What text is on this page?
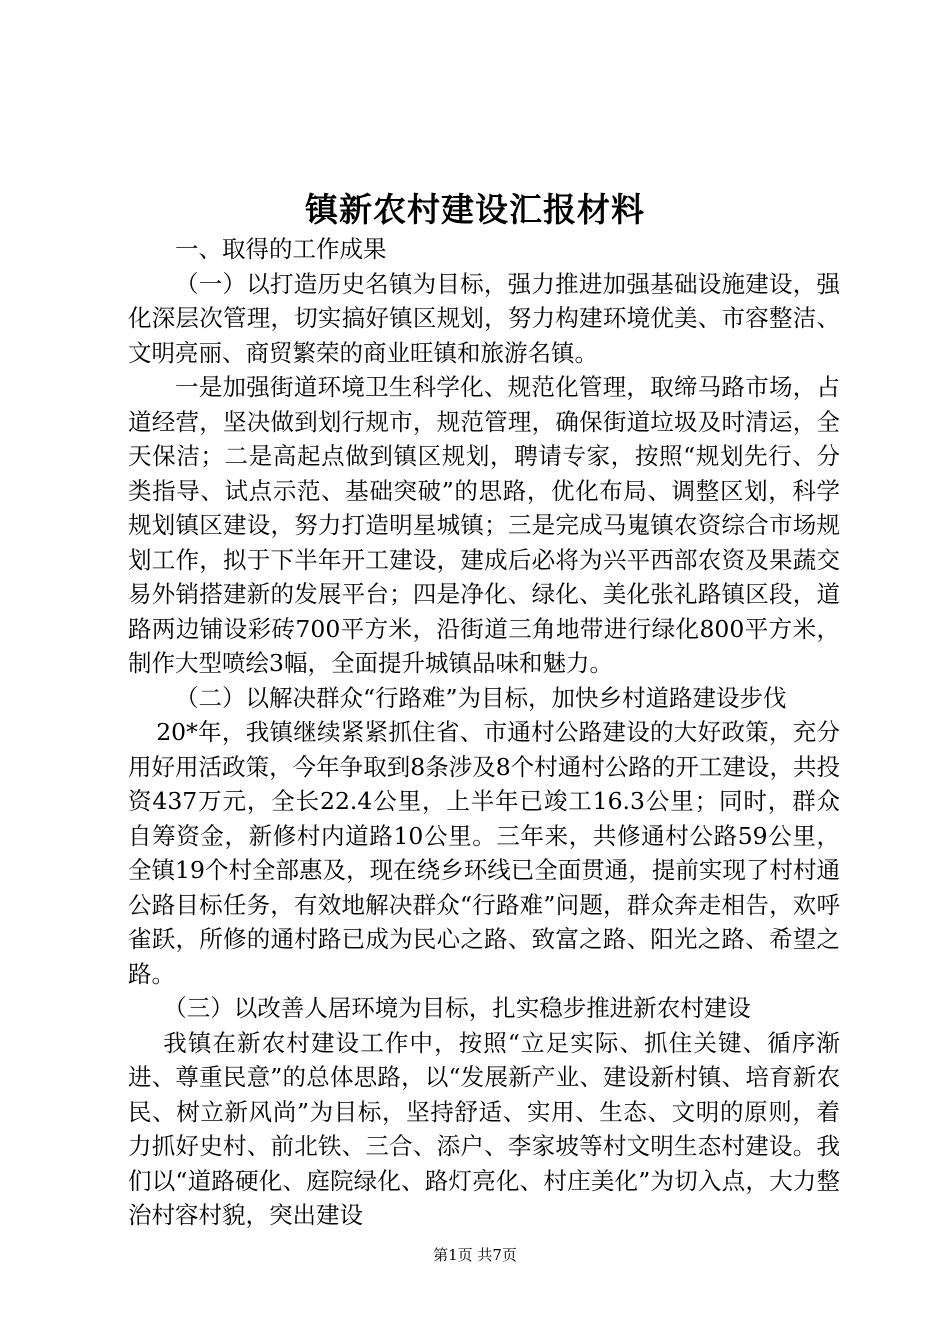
镇新农村建设汇报材料

一、取得的工作成果

（一）以打造历史名镇为目标，强力推进加强基础设施建设，强化深层次管理，切实搞好镇区规划，努力构建环境优美、市容整洁、文明亮丽、商贸繁荣的商业旺镇和旅游名镇。

一是加强街道环境卫生科学化、规范化管理，取缔马路市场，占道经营，坚决做到划行规市，规范管理，确保街道垃圾及时清运，全天保洁；二是高起点做到镇区规划，聘请专家，按照“规划先行、分类指导、试点示范、基础突破”的思路，优化布局、调整区划，科学规划镇区建设，努力打造明星城镇；三是完成马嵬镇农资综合市场规划工作，拟于下半年开工建设，建成后必将为兴平西部农资及果蔬交易外销搭建新的发展平台；四是净化、绿化、美化张礼路镇区段，道路两边铺设彩砖700平方米，沿街道三角地带进行绿化800平方米，制作大型喷绘3幅，全面提升城镇品味和魅力。

（二）以解决群众“行路难”为目标，加快乡村道路建设步伐

20*年，我镇继续紧紧抓住省、市通村公路建设的大好政策，充分用好用活政策，今年争取到8条涉及8个村通村公路的开工建设，共投资437万元，全长22.4公里，上半年已竣工16.3公里；同时，群众自筹资金，新修村内道路10公里。三年来，共修通村公路59公里，全镇19个村全部惠及，现在绕乡环线已全面贯通，提前实现了村村通公路目标任务，有效地解决群众“行路难”问题，群众奔走相告，欢呼雀跃，所修的通村路已成为民心之路、致富之路、阳光之路、希望之路。

（三）以改善人居环境为目标，扎实稳步推进新农村建设

我镇在新农村建设工作中，按照“立足实际、抓住关键、循序渐进、尊重民意”的总体思路，以“发展新产业、建设新村镇、培育新农民、树立新风尚”为目标，坚持舒适、实用、生态、文明的原则，着力抓好史村、前北铁、三合、添户、李家坡等村文明生态村建设。我们以“道路硬化、庭院绿化、路灯亮化、村庄美化”为切入点，大力整治村容村貌，突出建设

第1页 共7页
